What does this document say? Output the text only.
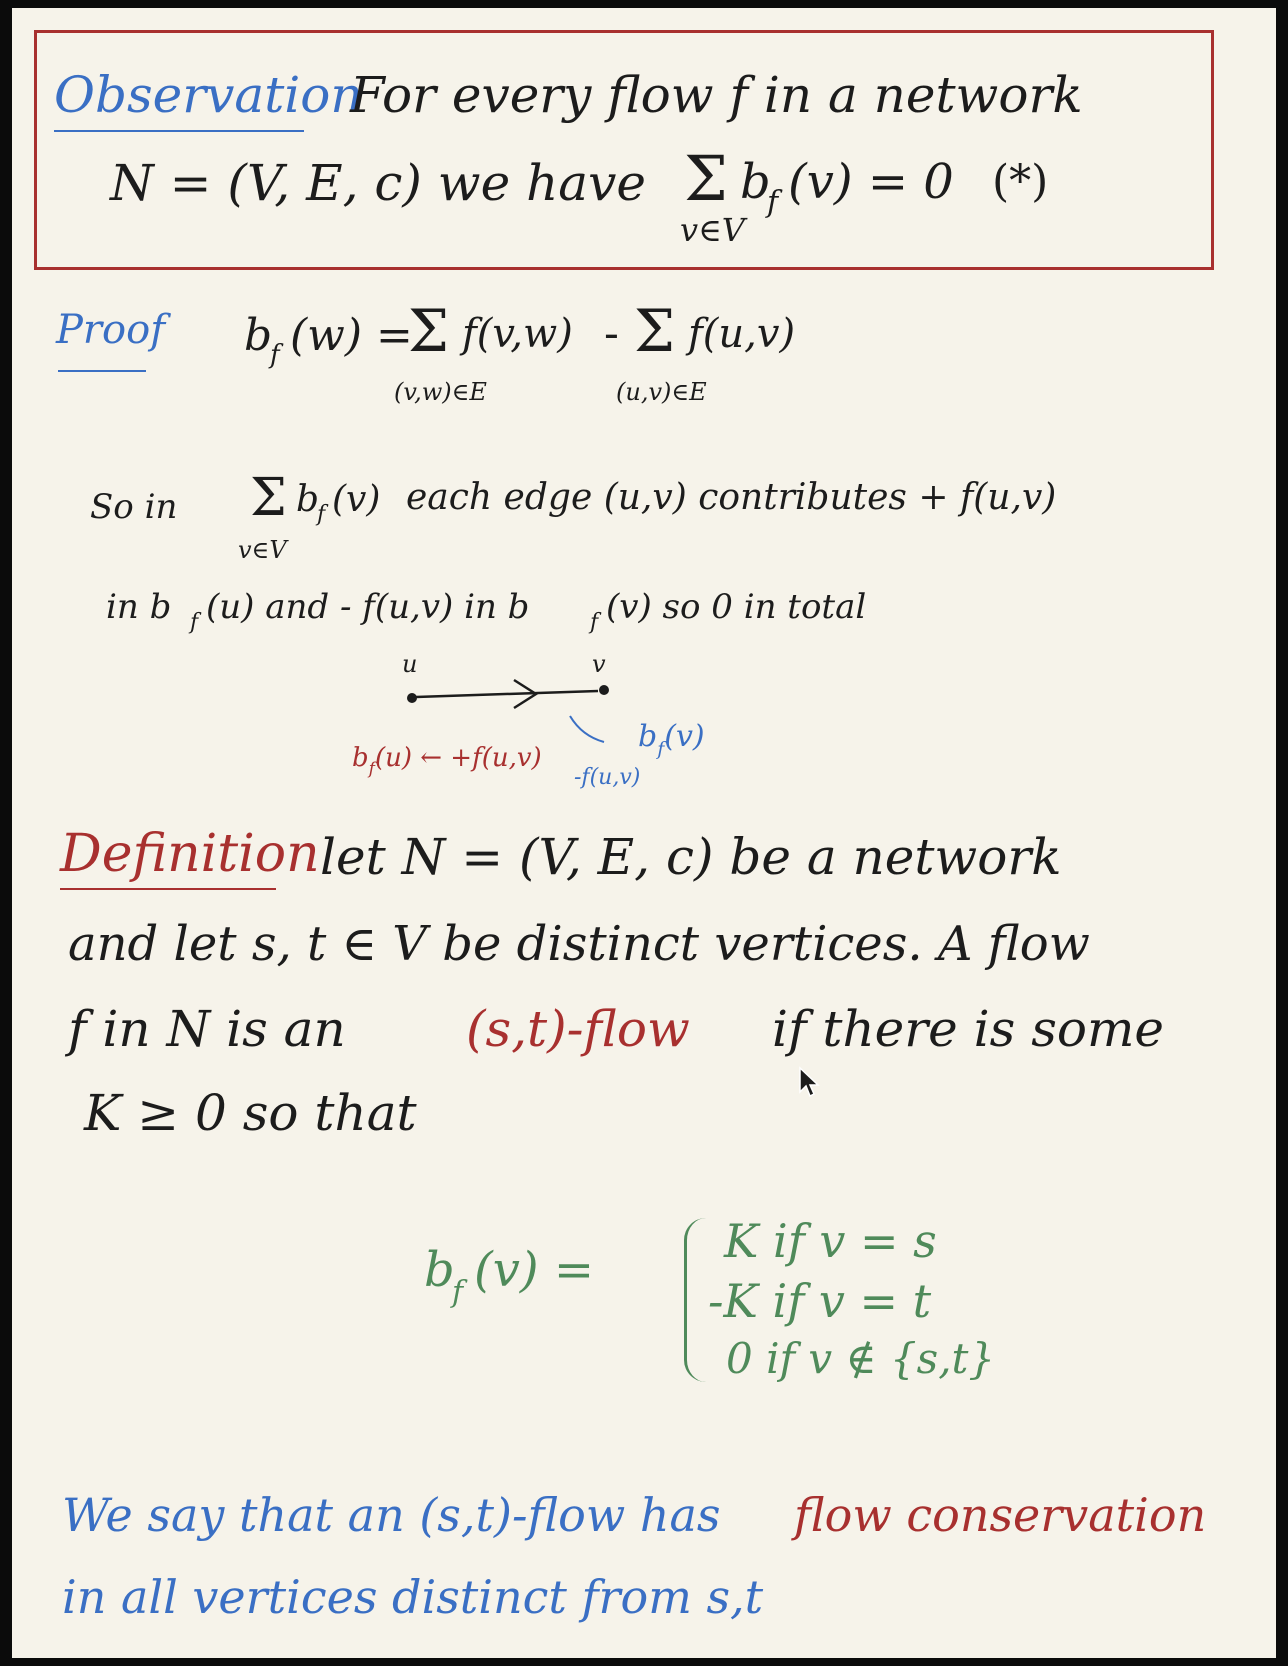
Observation
For every flow f in a network
N = (V, E, c) we have Σ b
f (v) = 0 (*)
v∈V
Proof b
f (w) =
Σ f(v,w) - Σ f(u,v)
(v,w)∈E	(u,v)∈E
So in Σ b
f (v) each edge (u,v) contributes + f(u,v)
v∈V
in b f (u) and - f(u,v) in b	f (v) so 0 in total
u	v
$b_f(u)$ ← +f(u,v)
$b_f(v)$
-f(u,v)
Definition let N = (V, E, c) be a network
and let s, t ∈ V be distinct vertices. A flow
f in N is an (s,t)-flow if there is some
K ≥ 0 so that
b
f (v) =
K if v = s
-K if v = t
0 if v ∉ {s,t}
We say that an (s,t)-flow has flow conservation
in all vertices distinct from s,t
